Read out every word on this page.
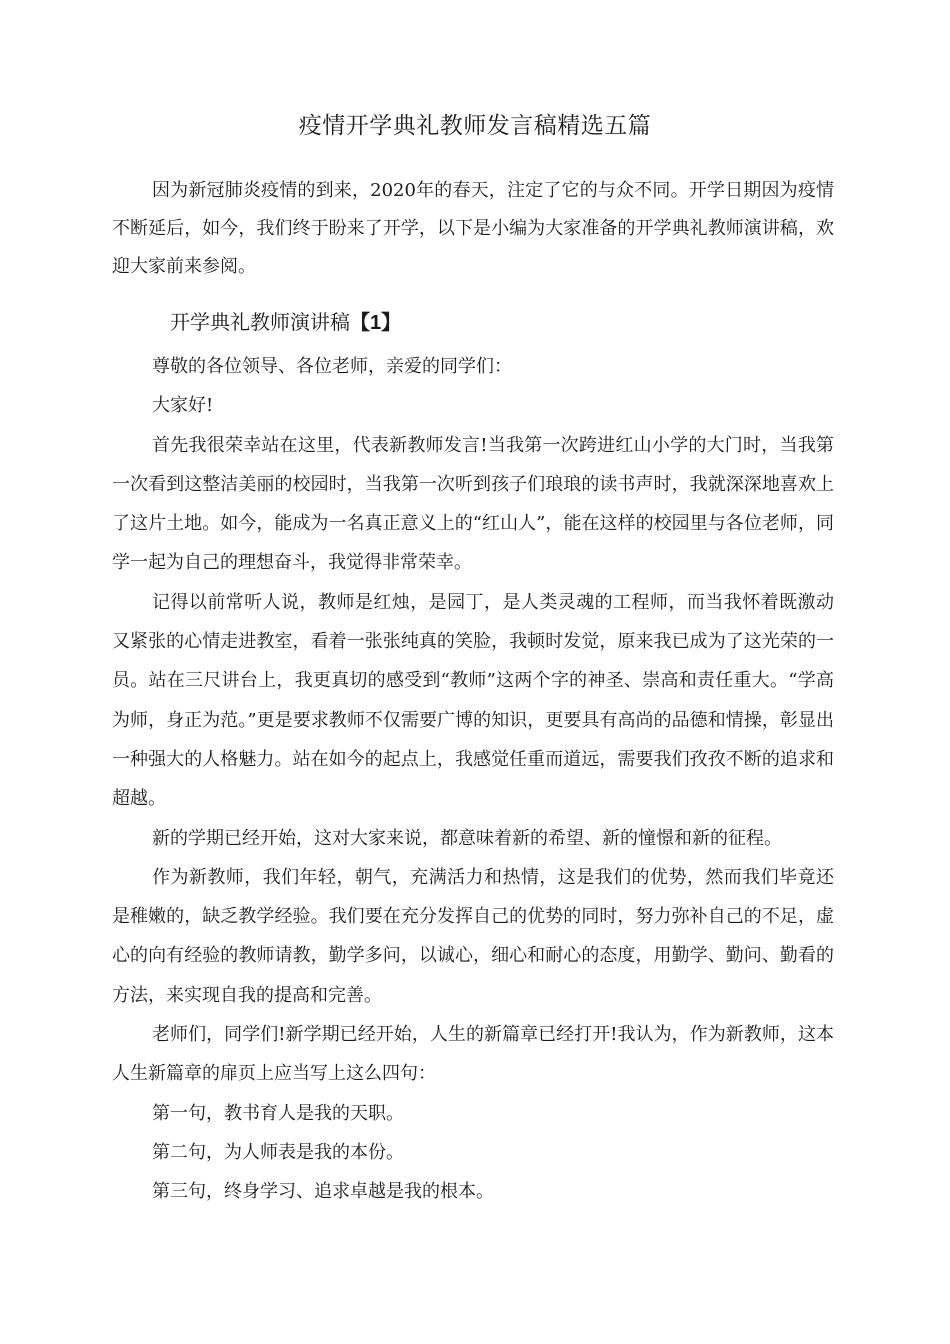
疫情开学典礼教师发言稿精选五篇

因为新冠肺炎疫情的到来，2020年的春天，注定了它的与众不同。开学日期因为疫情不断延后，如今，我们终于盼来了开学，以下是小编为大家准备的开学典礼教师演讲稿，欢迎大家前来参阅。

开学典礼教师演讲稿【1】

尊敬的各位领导、各位老师，亲爱的同学们：

大家好!

首先我很荣幸站在这里，代表新教师发言!当我第一次跨进红山小学的大门时，当我第一次看到这整洁美丽的校园时，当我第一次听到孩子们琅琅的读书声时，我就深深地喜欢上了这片土地。如今，能成为一名真正意义上的“红山人”，能在这样的校园里与各位老师，同学一起为自己的理想奋斗，我觉得非常荣幸。

记得以前常听人说，教师是红烛，是园丁，是人类灵魂的工程师，而当我怀着既激动又紧张的心情走进教室，看着一张张纯真的笑脸，我顿时发觉，原来我已成为了这光荣的一员。站在三尺讲台上，我更真切的感受到“教师”这两个字的神圣、崇高和责任重大。“学高为师，身正为范。”更是要求教师不仅需要广博的知识，更要具有高尚的品德和情操，彰显出一种强大的人格魅力。站在如今的起点上，我感觉任重而道远，需要我们孜孜不断的追求和超越。

新的学期已经开始，这对大家来说，都意味着新的希望、新的憧憬和新的征程。

作为新教师，我们年轻，朝气，充满活力和热情，这是我们的优势，然而我们毕竟还是稚嫩的，缺乏教学经验。我们要在充分发挥自己的优势的同时，努力弥补自己的不足，虚心的向有经验的教师请教，勤学多问，以诚心，细心和耐心的态度，用勤学、勤问、勤看的方法，来实现自我的提高和完善。

老师们，同学们!新学期已经开始，人生的新篇章已经打开!我认为，作为新教师，这本人生新篇章的扉页上应当写上这么四句：

第一句，教书育人是我的天职。

第二句，为人师表是我的本份。

第三句，终身学习、追求卓越是我的根本。
